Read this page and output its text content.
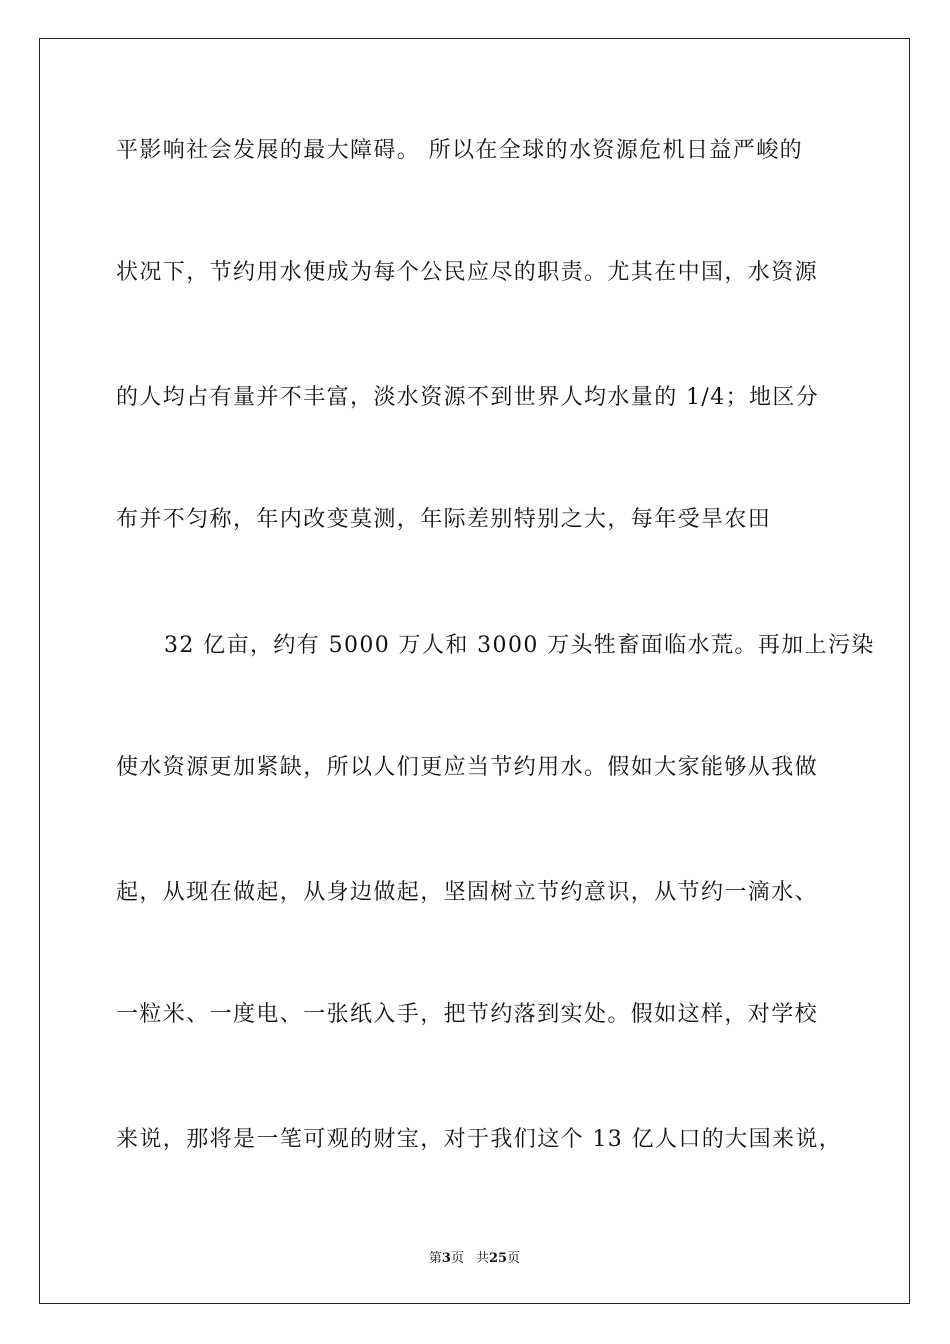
平影响社会发展的最大障碍。 所以在全球的水资源危机日益严峻的
状况下，节约用水便成为每个公民应尽的职责。尤其在中国，水资源
的人均占有量并不丰富，淡水资源不到世界人均水量的 1/4；地区分
布并不匀称，年内改变莫测，年际差别特别之大，每年受旱农田
32 亿亩，约有 5000 万人和 3000 万头牲畜面临水荒。再加上污染
使水资源更加紧缺，所以人们更应当节约用水。假如大家能够从我做
起，从现在做起，从身边做起，坚固树立节约意识，从节约一滴水、
一粒米、一度电、一张纸入手，把节约落到实处。假如这样，对学校
来说，那将是一笔可观的财宝，对于我们这个 13 亿人口的大国来说，
第3页 共25页
